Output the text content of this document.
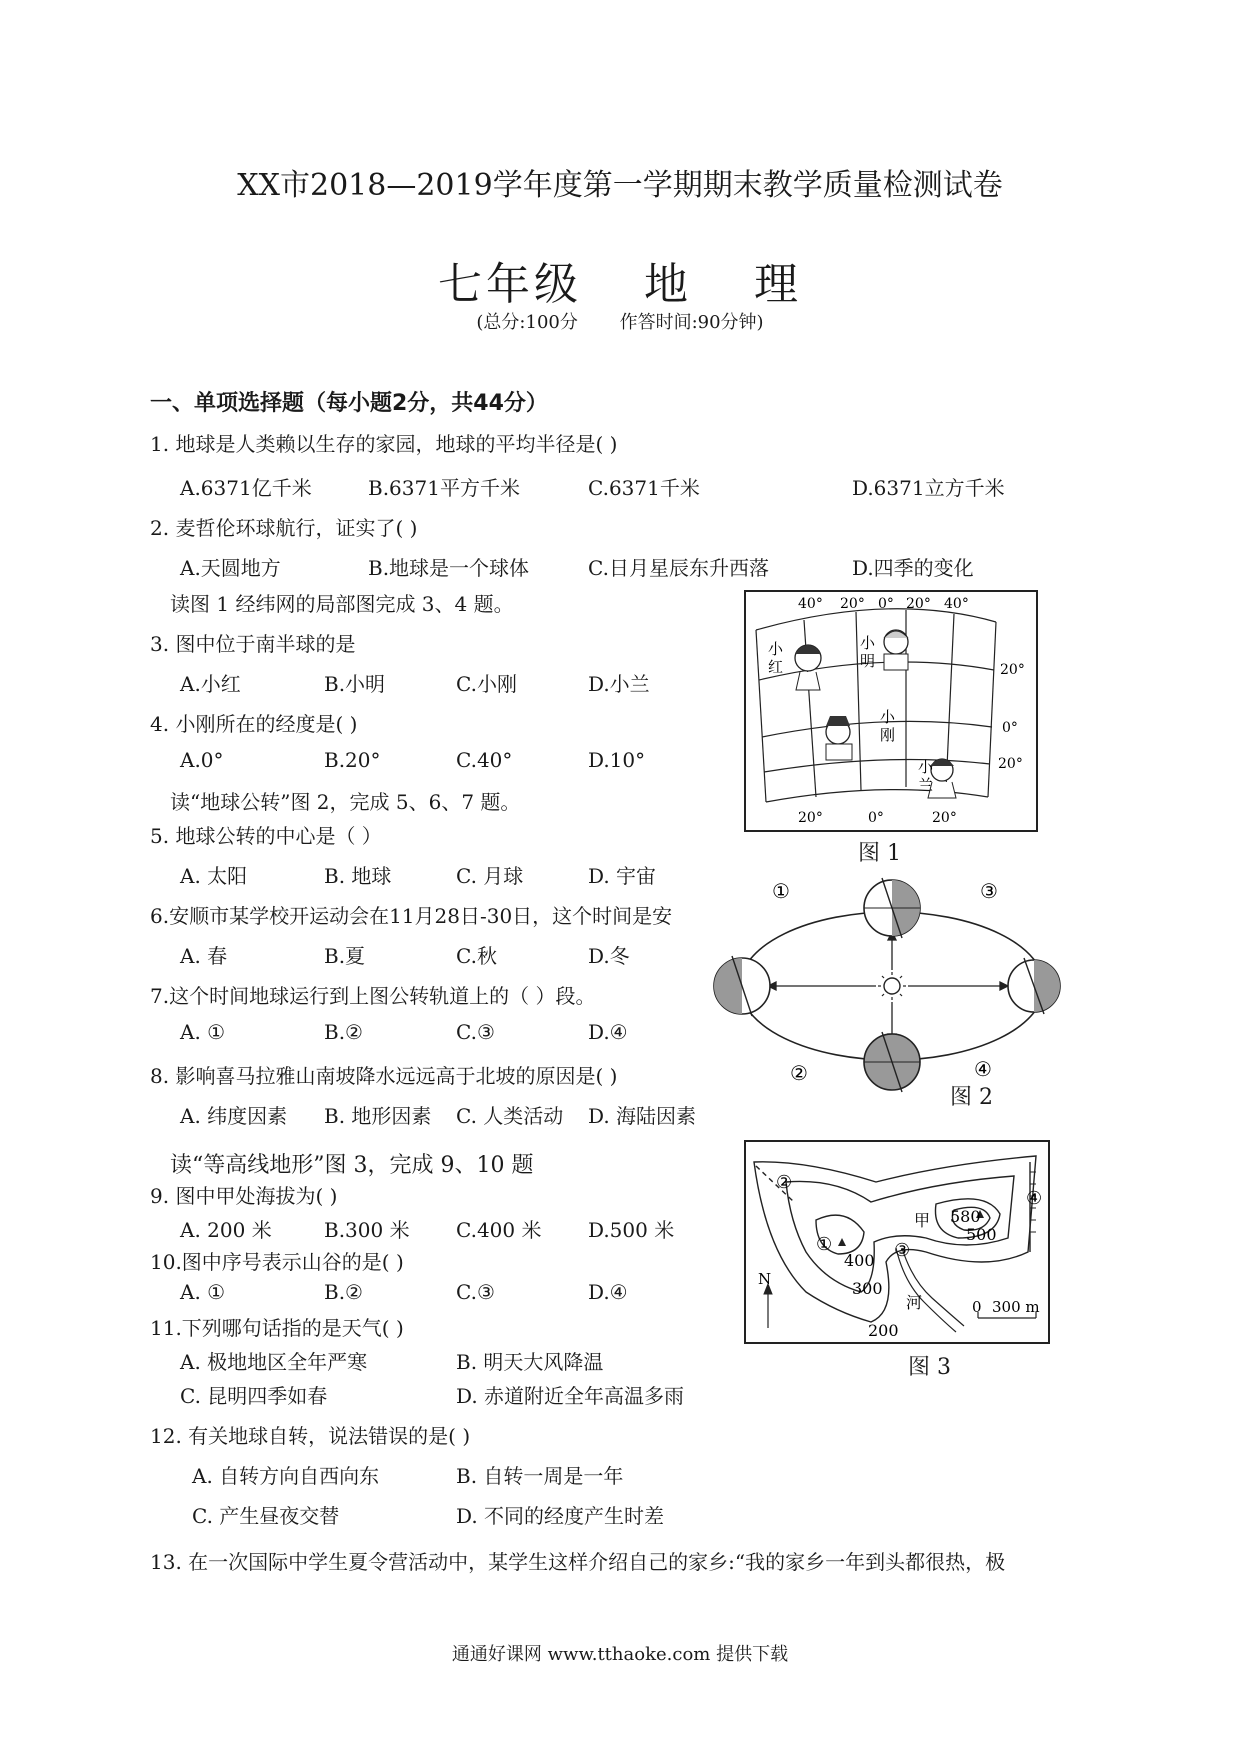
XX市2018—2019学年度第一学期期末教学质量检测试卷
七年级 地 理
(总分:100分 作答时间:90分钟)
一、单项选择题（每小题2分，共44分）
1. 地球是人类赖以生存的家园，地球的平均半径是( )
A.6371亿千米	B.6371平方千米	C.6371千米	D.6371立方千米
2. 麦哲伦环球航行，证实了( )
A.天圆地方	B.地球是一个球体	C.日月星辰东升西落	D.四季的变化
读图 1 经纬网的局部图完成 3、4 题。
3. 图中位于南半球的是
A.小红	B.小明	C.小刚	D.小兰
4. 小刚所在的经度是( )
A.0°	B.20°	C.40°	D.10°
读“地球公转”图 2，完成 5、6、7 题。
5. 地球公转的中心是（ ）
A. 太阳	B. 地球	C. 月球	D. 宇宙
6.安顺市某学校开运动会在11月28日-30日，这个时间是安
A. 春	B.夏	C.秋	D.冬
7.这个时间地球运行到上图公转轨道上的（ ）段。
A. ①	B.②	C.③	D.④
8. 影响喜马拉雅山南坡降水远远高于北坡的原因是( )
A. 纬度因素 B. 地形因素 C. 人类活动 D. 海陆因素
读“等高线地形”图 3，完成 9、10 题
9. 图中甲处海拔为( )
A. 200 米	B.300 米 C.400 米 D.500 米
10.图中序号表示山谷的是( )
A. ①	B.②	C.③	D.④
11.下列哪句话指的是天气( )
A. 极地地区全年严寒	B. 明天大风降温
C. 昆明四季如春	D. 赤道附近全年高温多雨
12. 有关地球自转，说法错误的是( )
A. 自转方向自西向东	B. 自转一周是一年
C. 产生昼夜交替	D. 不同的经度产生时差
13. 在一次国际中学生夏令营活动中，某学生这样介绍自己的家乡:“我的家乡一年到头都很热，极
通通好课网 www.tthaoke.com 提供下载
40° 20° 0° 20° 40°
20°
0°
20°
20°	0°	20°
小
红
小
明
小
刚
小
兰
图 1
①	③
②	④
图 2
②
①	③
④
甲 580
500
400
300
200
河
N
0 300 m
图 3
